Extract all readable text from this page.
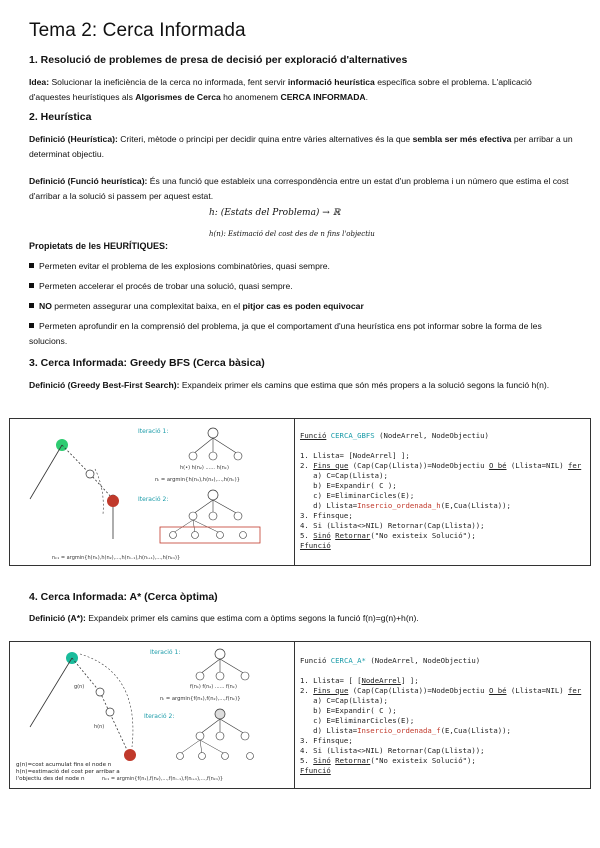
Tema 2: Cerca Informada
1. Resolució de problemes de presa de decisió per exploració d'alternatives
Idea: Solucionar la ineficiència de la cerca no informada, fent servir informació heurística específica sobre el problema. L'aplicació d'aquestes heurístiques als Algorismes de Cerca ho anomenem CERCA INFORMADA.
2. Heurística
Definició (Heurística): Criteri, mètode o principi per decidir quina entre vàries alternatives és la que sembla ser més efectiva per arribar a un determinat objectiu.
Definició (Funció heurística): És una funció que estableix una correspondència entre un estat d'un problema i un número que estima el cost d'arribar a la solució si passem per aquest estat.
h: (Estats del Problema) → ℝ
h(n): Estimació del cost des de n fins l'objectiu
Propietats de les HEURÍTIQUES:
Permeten evitar el problema de les explosions combinatòries, quasi sempre.
Permeten accelerar el procés de trobar una solució, quasi sempre.
NO permeten assegurar una complexitat baixa, en el pitjor cas es poden equivocar
Permeten aprofundir en la comprensió del problema, ja que el comportament d'una heurística ens pot informar sobre la forma de les solucions.
3. Cerca Informada: Greedy BFS (Cerca bàsica)
Definició (Greedy Best-First Search): Expandeix primer els camins que estima que són més propers a la solució segons la funció h(n).
Iteració 1:
h(•) h(n₂) ...... h(nₖ)
nᵢ = argmin{h(n₁),h(n₂),...,h(nₖ)}
Iteració 2:
nₖ₁ = argmin{h(n₁),h(n₂),...,h(nᵢ₋₁),h(nᵢ₊₁),...,h(nₖ₁)}
Funció CERCA_GBFS (NodeArrel, NodeObjectiu)

1. Llista= [NodeArrel] ];
2. Fins_que (Cap(Cap(Llista))=NodeObjectiu O bé (Llista=NIL) fer
a) C=Cap(Llista);
b) E=Expandir( C );
c) E=EliminarCicles(E);
d) Llista=Insercio_ordenada_h(E,Cua(Llista));
3. Ffinsque;
4. Si (Llista<>NIL) Retornar(Cap(Llista));
5. Sinó Retornar("No existeix Solució");
Ffunció
4. Cerca Informada: A* (Cerca òptima)
Definició (A*): Expandeix primer els camins que estima com a òptims segons la funció f(n)=g(n)+h(n).
g(n)
h(n)
g(n)=cost acumulat fins el node n
h(n)=estimació del cost per arribar a
l'objectiu des del node n
Iteració 1:
f(n₁) f(n₂) ...... f(nₖ)
nᵢ = argmin{f(n₁),f(n₂),...,f(nₖ)}
Iteració 2:
nₖ₁ = argmin{f(n₁),f(n₂),...,f(nᵢ₋₁),f(nᵢ₊₁),...,f(nₖ₁)}
Funció CERCA_A* (NodeArrel, NodeObjectiu)

1. Llista= [ [NodeArrel] ];
2. Fins_que (Cap(Cap(Llista))=NodeObjectiu O bé (Llista=NIL) fer
a) C=Cap(Llista);
b) E=Expandir( C );
c) E=EliminarCicles(E);
d) Llista=Insercio_ordenada_f(E,Cua(Llista));
3. Ffinsque;
4. Si (Llista<>NIL) Retornar(Cap(Llista));
5. Sinó Retornar("No existeix Solució");
Ffunció
